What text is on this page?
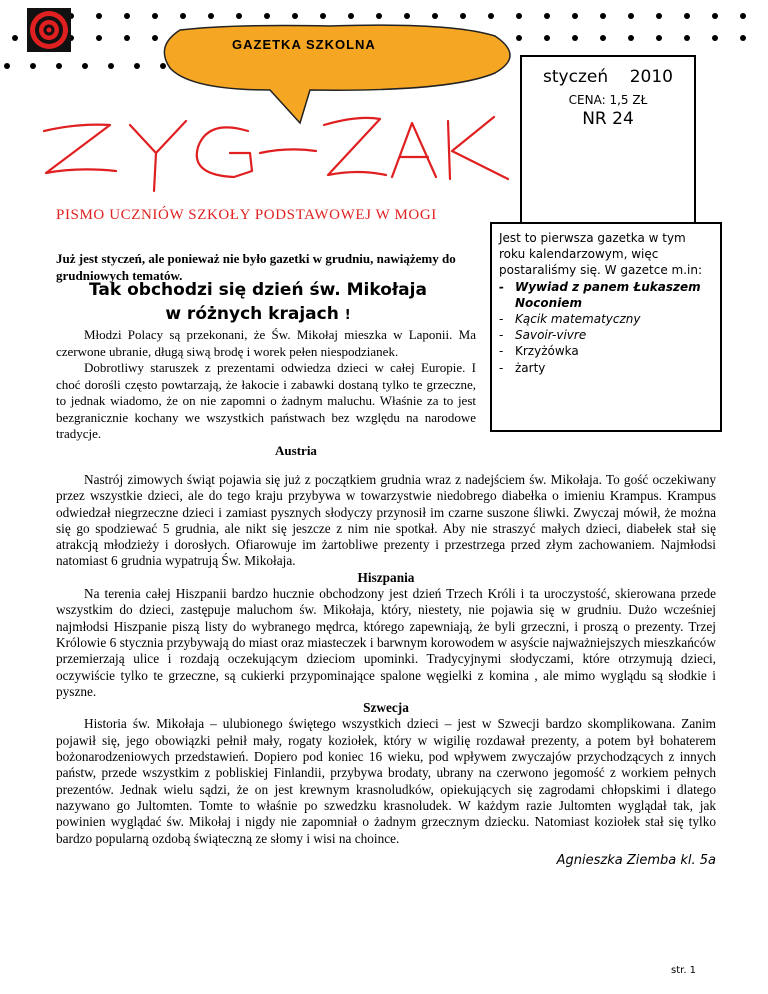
GAZETKA SZKOLNA
styczeń    2010
CENA: 1,5 ZŁ
NR 24
PISMO UCZNIÓW SZKOŁY PODSTAWOWEJ W MOGI
Jest to pierwsza gazetka w tym roku kalendarzowym, więc postaraliśmy się. W gazetce m.in:
- Wywiad z panem Łukaszem Noconiem
- Kącik matematyczny
- Savoir-vivre
- Krzyżówka
- żarty
Już jest styczeń, ale ponieważ nie było gazetki w grudniu, nawiążemy do grudniowych tematów.
Tak obchodzi się dzień św. Mikołaja
w różnych krajach !

Młodzi Polacy są przekonani, że Św. Mikołaj mieszka w Laponii. Ma czerwone ubranie, długą siwą brodę i worek pełen niespodzianek.

Dobrotliwy staruszek z prezentami odwiedza dzieci w całej Europie. I choć dorośli często powtarzają, że łakocie i zabawki dostaną tylko te grzeczne, to jednak wiadomo, że on nie zapomni o żadnym maluchu. Właśnie za to jest bezgranicznie kochany we wszystkich państwach bez względu na narodowe tradycje.

Austria

Nastrój zimowych świąt pojawia się już z początkiem grudnia wraz z nadejściem św. Mikołaja. To gość oczekiwany przez wszystkie dzieci, ale do tego kraju przybywa w towarzystwie niedobrego diabełka o imieniu Krampus. Krampus odwiedzał niegrzeczne dzieci i zamiast pysznych słodyczy przynosił im czarne suszone śliwki. Zwyczaj mówił, że można się go spodziewać 5 grudnia, ale nikt się jeszcze z nim nie spotkał. Aby nie straszyć małych dzieci, diabełek stał się atrakcją młodzieży i dorosłych. Ofiarowuje im żartobliwe prezenty i przestrzega przed złym zachowaniem. Najmłodsi natomiast 6 grudnia wypatrują Św. Mikołaja.

Hiszpania

Na terenia całej Hiszpanii bardzo hucznie obchodzony jest dzień Trzech Króli i ta uroczystość, skierowana przede wszystkim do dzieci, zastępuje maluchom św. Mikołaja, który, niestety, nie pojawia się w grudniu. Dużo wcześniej najmłodsi Hiszpanie piszą listy do wybranego mędrca, którego zapewniają, że byli grzeczni, i proszą o prezenty. Trzej Królowie 6 stycznia przybywają do miast oraz miasteczek i barwnym korowodem w asyście najważniejszych mieszkańców przemierzają ulice i rozdają oczekującym dzieciom upominki. Tradycyjnymi słodyczami, które otrzymują dzieci, oczywiście tylko te grzeczne, są cukierki przypominające spalone węgielki z komina , ale mimo wyglądu są słodkie i pyszne.

Szwecja

Historia św. Mikołaja – ulubionego świętego wszystkich dzieci – jest w Szwecji bardzo skomplikowana. Zanim pojawił się, jego obowiązki pełnił mały, rogaty koziołek, który w wigilię rozdawał prezenty, a potem był bohaterem bożonarodzeniowych przedstawień. Dopiero pod koniec 16 wieku, pod wpływem zwyczajów przychodzących z innych państw, przede wszystkim z pobliskiej Finlandii, przybywa brodaty, ubrany na czerwono jegomość z workiem pełnych prezentów. Jednak wielu sądzi, że on jest krewnym krasnoludków, opiekujących się zagrodami chłopskimi i dlatego nazywano go Jultomten. Tomte to właśnie po szwedzku krasnoludek. W każdym razie Jultomten wyglądał tak, jak powinien wyglądać św. Mikołaj i nigdy nie zapomniał o żadnym grzecznym dziecku. Natomiast koziołek stał się tylko bardzo popularną ozdobą świąteczną ze słomy i wisi na choince.

Agnieszka Ziemba kl. 5a

str. 1
